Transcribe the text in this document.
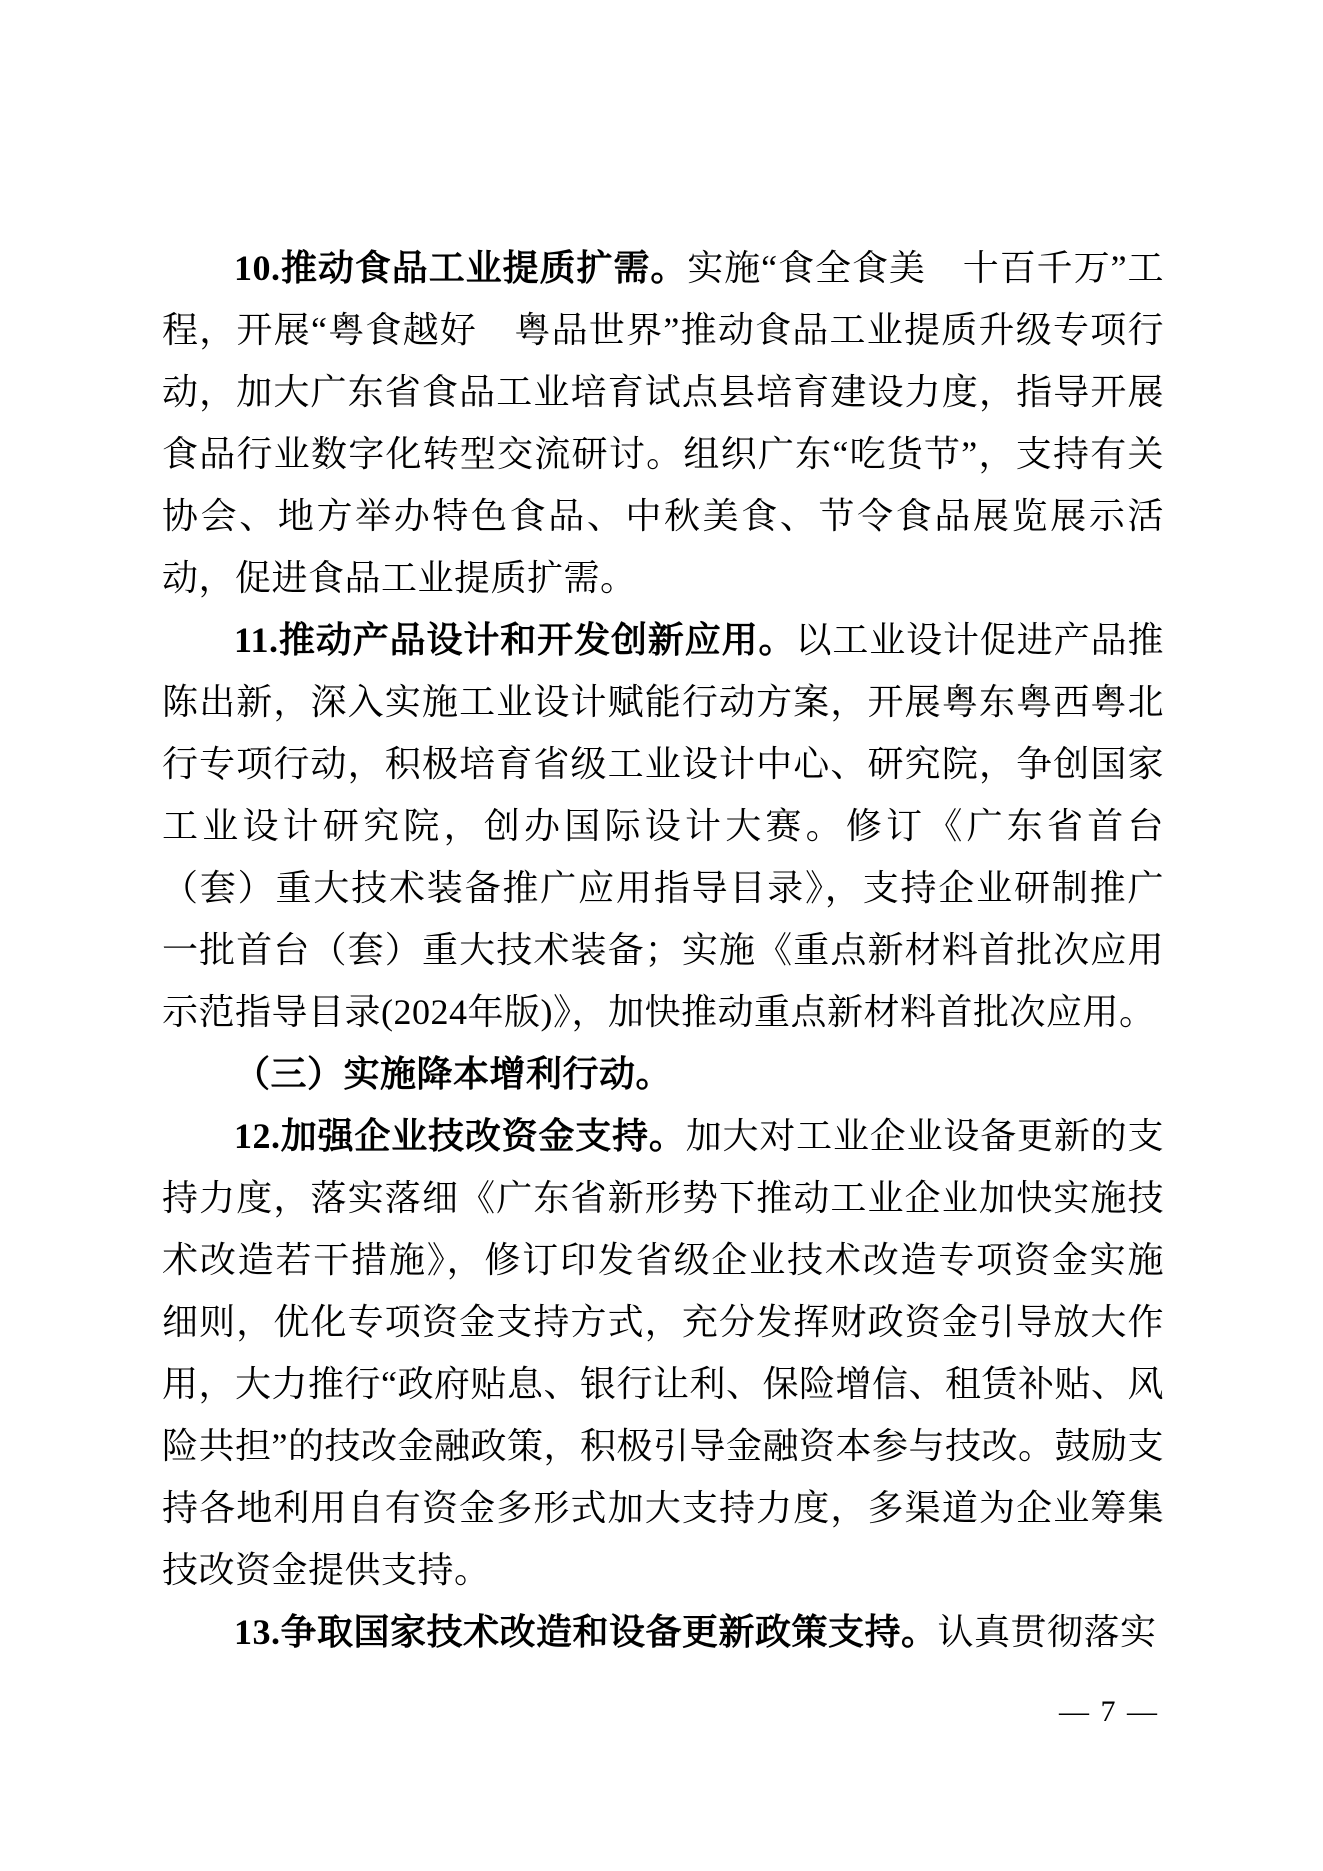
10.推动食品工业提质扩需。实施“食全食美　十百千万”工程，开展“粤食越好　粤品世界”推动食品工业提质升级专项行动，加大广东省食品工业培育试点县培育建设力度，指导开展食品行业数字化转型交流研讨。组织广东“吃货节”，支持有关协会、地方举办特色食品、中秋美食、节令食品展览展示活动，促进食品工业提质扩需。

11.推动产品设计和开发创新应用。以工业设计促进产品推陈出新，深入实施工业设计赋能行动方案，开展粤东粤西粤北行专项行动，积极培育省级工业设计中心、研究院，争创国家工业设计研究院，创办国际设计大赛。修订《广东省首台（套）重大技术装备推广应用指导目录》，支持企业研制推广一批首台（套）重大技术装备；实施《重点新材料首批次应用示范指导目录(2024年版)》，加快推动重点新材料首批次应用。

（三）实施降本增利行动。

12.加强企业技改资金支持。加大对工业企业设备更新的支持力度，落实落细《广东省新形势下推动工业企业加快实施技术改造若干措施》，修订印发省级企业技术改造专项资金实施细则，优化专项资金支持方式，充分发挥财政资金引导放大作用，大力推行“政府贴息、银行让利、保险增信、租赁补贴、风险共担”的技改金融政策，积极引导金融资本参与技改。鼓励支持各地利用自有资金多形式加大支持力度，多渠道为企业筹集技改资金提供支持。

13.争取国家技术改造和设备更新政策支持。认真贯彻落实

— 7 —
